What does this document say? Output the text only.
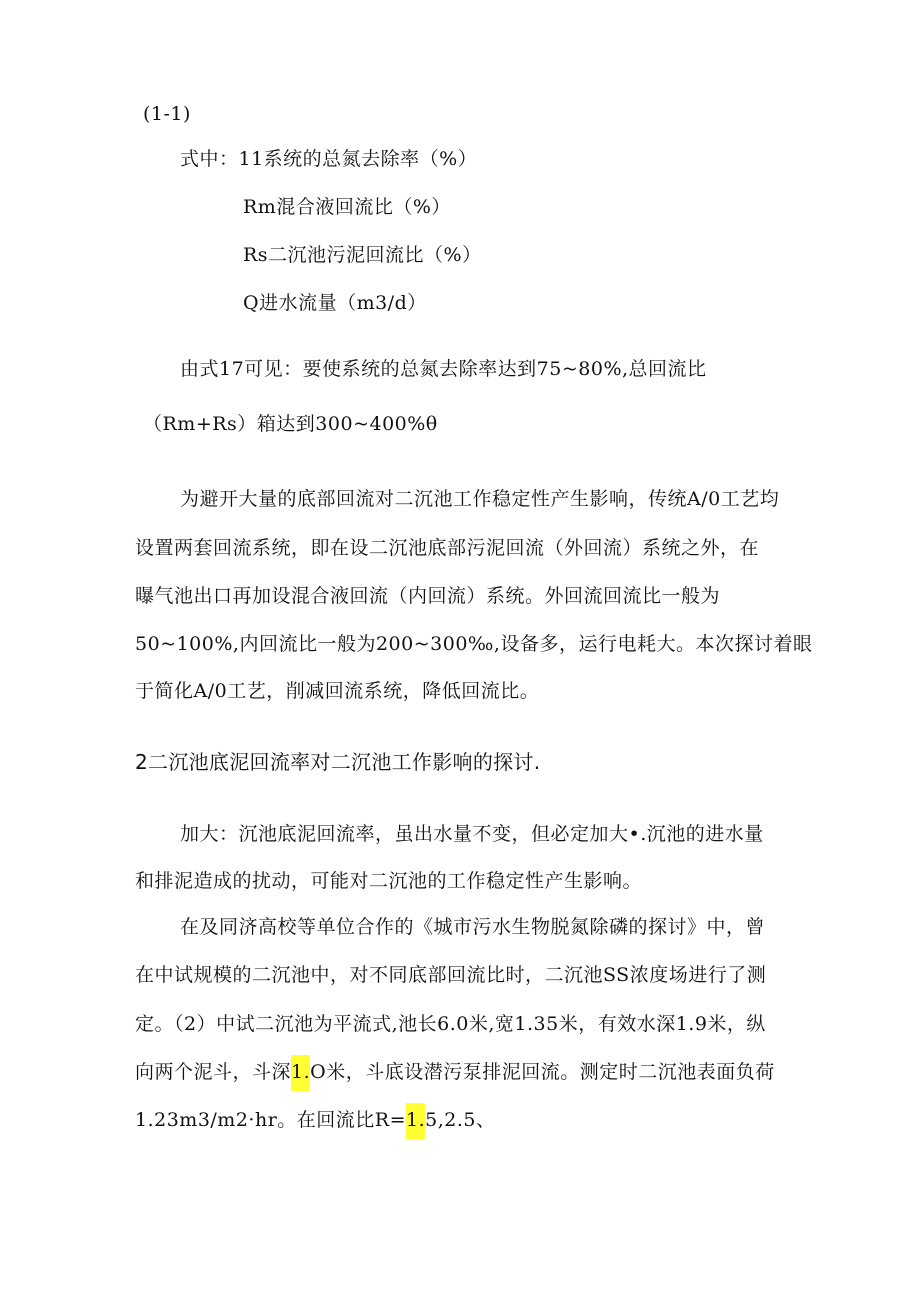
(1-1)
式中：11系统的总氮去除率（%）
Rm混合液回流比（%）
Rs二沉池污泥回流比（%）
Q进水流量（m3/d）
由式17可见：要使系统的总氮去除率达到75~80%,总回流比
（Rm+Rs）箱达到300~400%θ
为避开大量的底部回流对二沉池工作稳定性产生影响，传统A/0工艺均
设置两套回流系统，即在设二沉池底部污泥回流（外回流）系统之外，在
曝气池出口再加设混合液回流（内回流）系统。外回流回流比一般为
50~100%,内回流比一般为200~300‰,设备多，运行电耗大。本次探讨着眼
于简化A/0工艺，削减回流系统，降低回流比。
2二沉池底泥回流率对二沉池工作影响的探讨.
加大：沉池底泥回流率，虽出水量不变，但必定加大•.沉池的进水量
和排泥造成的扰动，可能对二沉池的工作稳定性产生影响。
在及同济高校等单位合作的《城市污水生物脱氮除磷的探讨》中，曾
在中试规模的二沉池中，对不同底部回流比时，二沉池SS浓度场进行了测
定。（2）中试二沉池为平流式,池长6.0米,宽1.35米，有效水深1.9米，纵
向两个泥斗，斗深1.O米，斗底设潜污泵排泥回流。测定时二沉池表面负荷
1.23m3/m2·hr。在回流比R=1.5,2.5、
